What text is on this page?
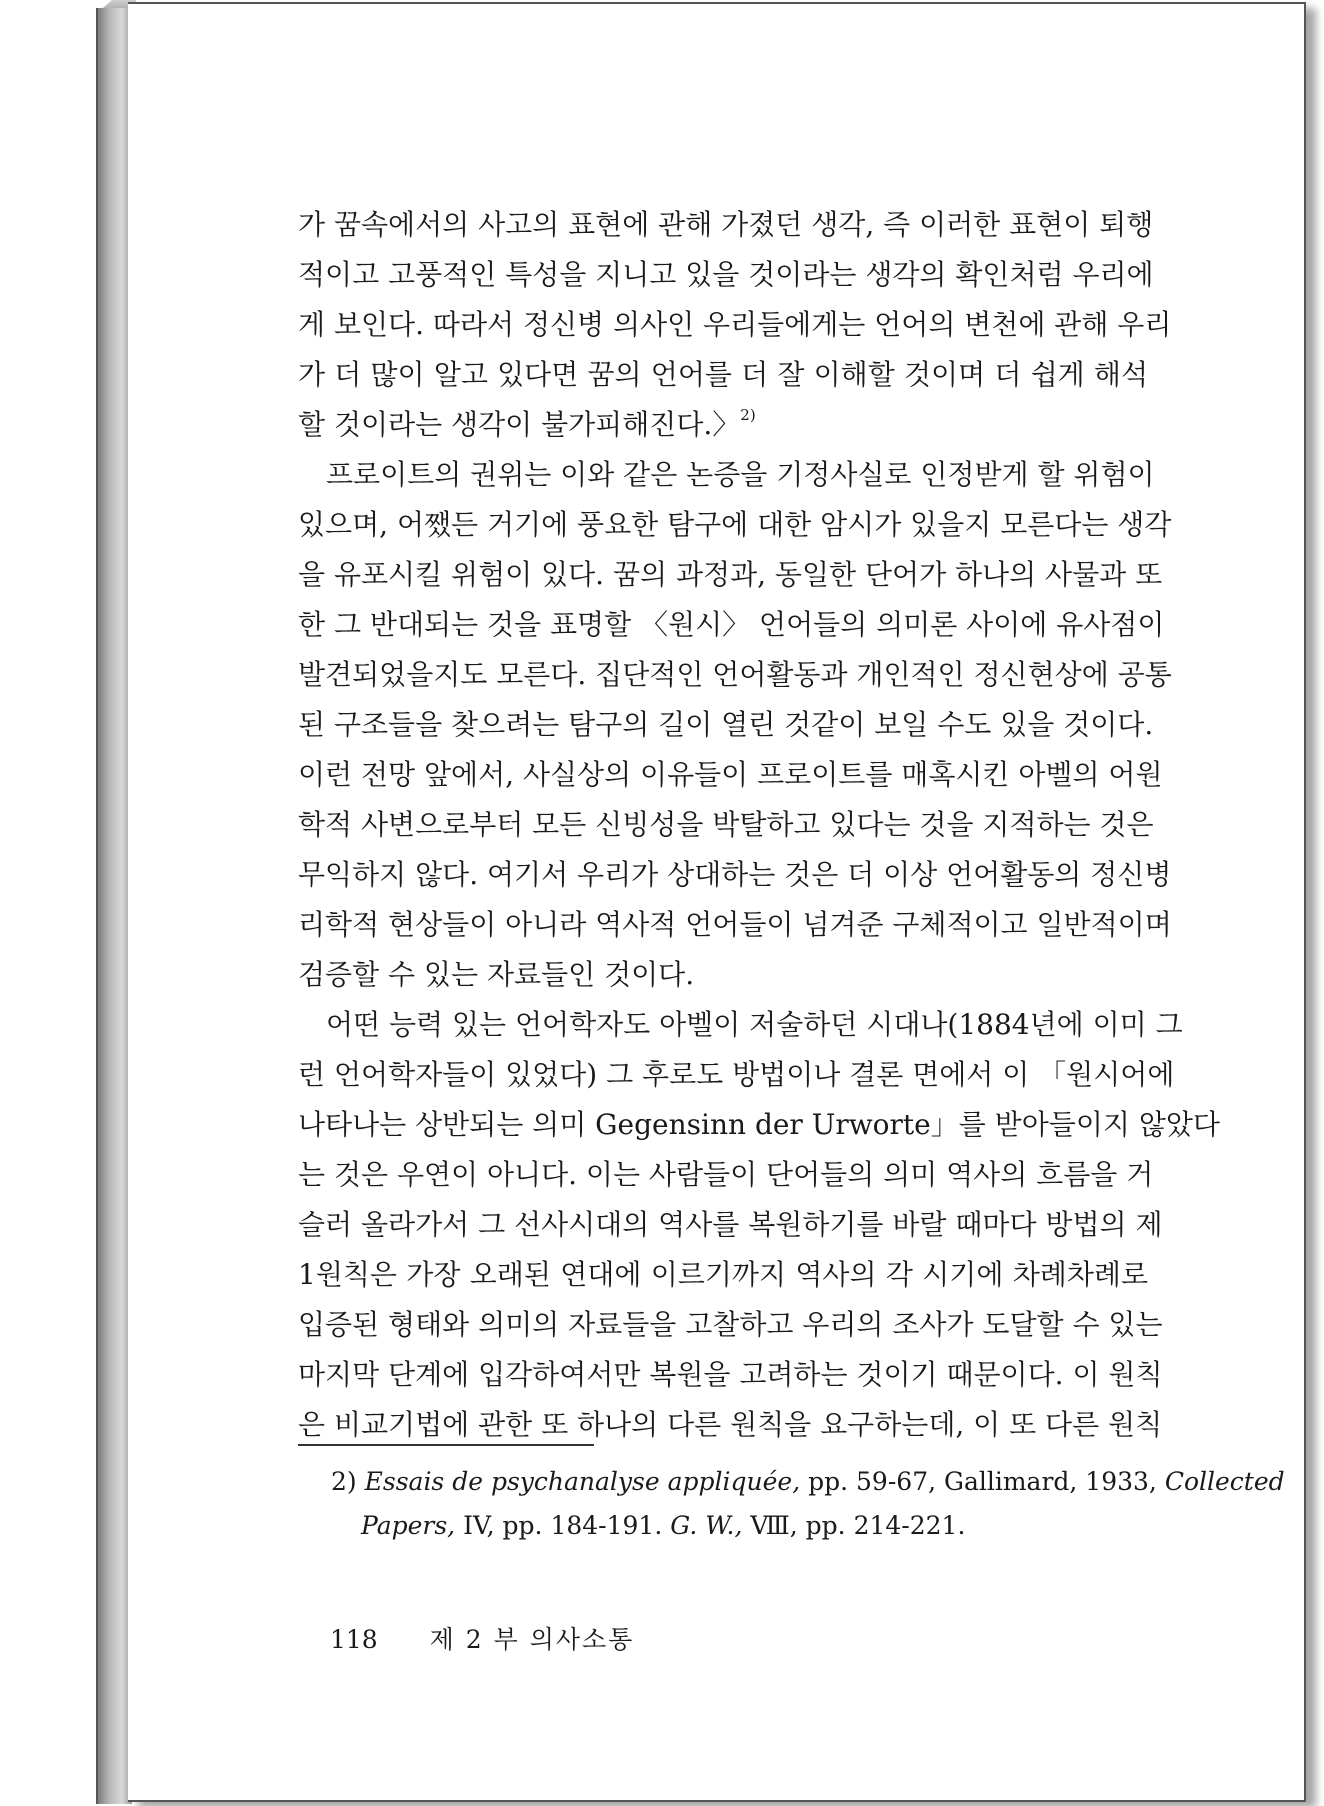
가 꿈속에서의 사고의 표현에 관해 가졌던 생각, 즉 이러한 표현이 퇴행
적이고 고풍적인 특성을 지니고 있을 것이라는 생각의 확인처럼 우리에
게 보인다. 따라서 정신병 의사인 우리들에게는 언어의 변천에 관해 우리
가 더 많이 알고 있다면 꿈의 언어를 더 잘 이해할 것이며 더 쉽게 해석
할 것이라는 생각이 불가피해진다.〉$^{2)}$
프로이트의 권위는 이와 같은 논증을 기정사실로 인정받게 할 위험이
있으며, 어쨌든 거기에 풍요한 탐구에 대한 암시가 있을지 모른다는 생각
을 유포시킬 위험이 있다. 꿈의 과정과, 동일한 단어가 하나의 사물과 또
한 그 반대되는 것을 표명할 〈원시〉 언어들의 의미론 사이에 유사점이
발견되었을지도 모른다. 집단적인 언어활동과 개인적인 정신현상에 공통
된 구조들을 찾으려는 탐구의 길이 열린 것같이 보일 수도 있을 것이다.
이런 전망 앞에서, 사실상의 이유들이 프로이트를 매혹시킨 아벨의 어원
학적 사변으로부터 모든 신빙성을 박탈하고 있다는 것을 지적하는 것은
무익하지 않다. 여기서 우리가 상대하는 것은 더 이상 언어활동의 정신병
리학적 현상들이 아니라 역사적 언어들이 넘겨준 구체적이고 일반적이며
검증할 수 있는 자료들인 것이다.
어떤 능력 있는 언어학자도 아벨이 저술하던 시대나(1884년에 이미 그
런 언어학자들이 있었다) 그 후로도 방법이나 결론 면에서 이 「원시어에
나타나는 상반되는 의미 Gegensinn der Urworte」를 받아들이지 않았다
는 것은 우연이 아니다. 이는 사람들이 단어들의 의미 역사의 흐름을 거
슬러 올라가서 그 선사시대의 역사를 복원하기를 바랄 때마다 방법의 제
1원칙은 가장 오래된 연대에 이르기까지 역사의 각 시기에 차례차례로
입증된 형태와 의미의 자료들을 고찰하고 우리의 조사가 도달할 수 있는
마지막 단계에 입각하여서만 복원을 고려하는 것이기 때문이다. 이 원칙
은 비교기법에 관한 또 하나의 다른 원칙을 요구하는데, 이 또 다른 원칙
2) Essais de psychanalyse appliquée, pp. 59-67, Gallimard, 1933, Collected
Papers, IV, pp. 184-191. G. W., Ⅷ, pp. 214-221.
118 제 2 부 의사소통
